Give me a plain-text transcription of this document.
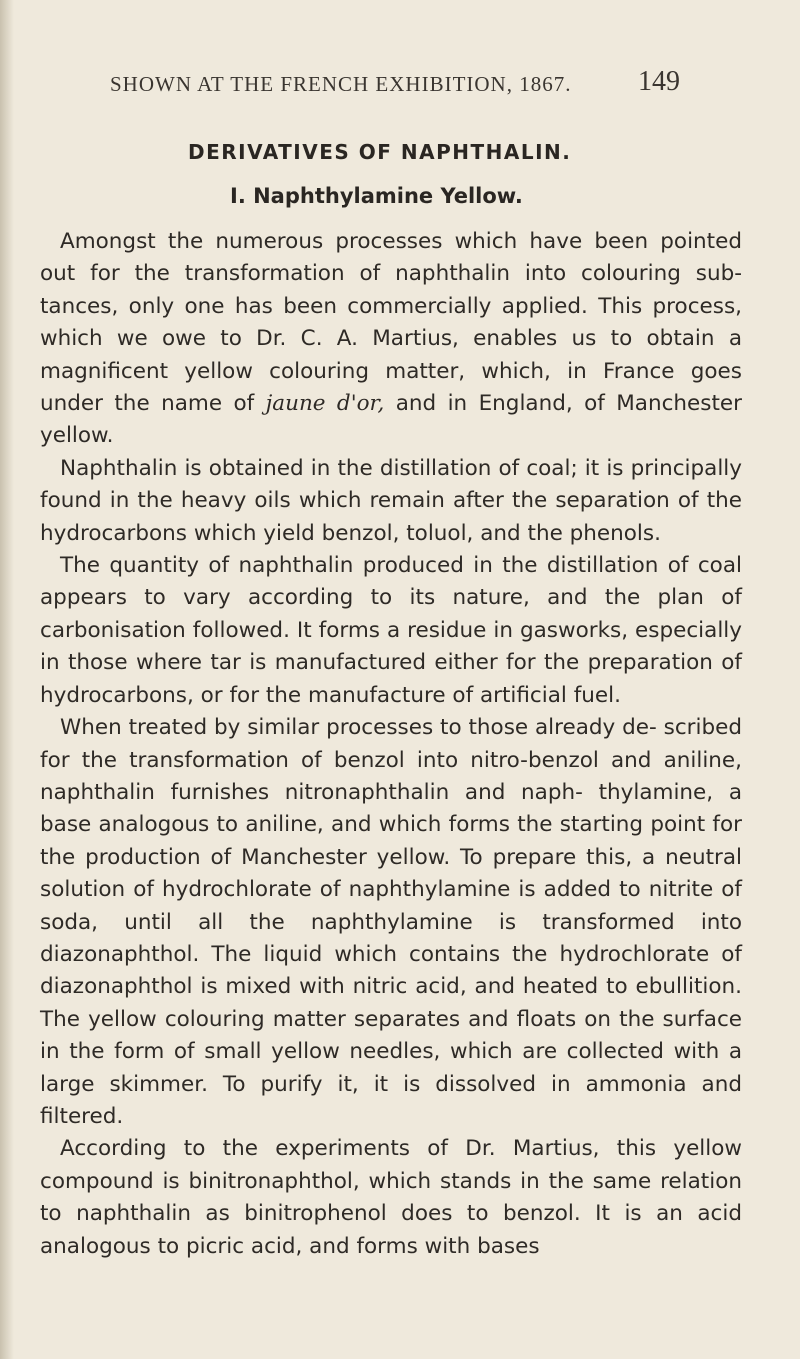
SHOWN AT THE FRENCH EXHIBITION, 1867.	149
DERIVATIVES OF NAPHTHALIN.
I. Naphthylamine Yellow.

Amongst the numerous processes which have been pointed out for the transformation of naphthalin into colouring sub- tances, only one has been commercially applied. This process, which we owe to Dr. C. A. Martius, enables us to obtain a magnificent yellow colouring matter, which, in France goes under the name of jaune d'or, and in England, of Manchester yellow.

Naphthalin is obtained in the distillation of coal; it is principally found in the heavy oils which remain after the separation of the hydrocarbons which yield benzol, toluol, and the phenols.

The quantity of naphthalin produced in the distillation of coal appears to vary according to its nature, and the plan of carbonisation followed. It forms a residue in gasworks, especially in those where tar is manufactured either for the preparation of hydrocarbons, or for the manufacture of artificial fuel.

When treated by similar processes to those already de- scribed for the transformation of benzol into nitro-benzol and aniline, naphthalin furnishes nitronaphthalin and naph- thylamine, a base analogous to aniline, and which forms the starting point for the production of Manchester yellow. To prepare this, a neutral solution of hydrochlorate of naphthylamine is added to nitrite of soda, until all the naphthylamine is transformed into diazonaphthol. The liquid which contains the hydrochlorate of diazonaphthol is mixed with nitric acid, and heated to ebullition. The yellow colouring matter separates and floats on the surface in the form of small yellow needles, which are collected with a large skimmer. To purify it, it is dissolved in ammonia and filtered.

According to the experiments of Dr. Martius, this yellow compound is binitronaphthol, which stands in the same relation to naphthalin as binitrophenol does to benzol. It is an acid analogous to picric acid, and forms with bases
